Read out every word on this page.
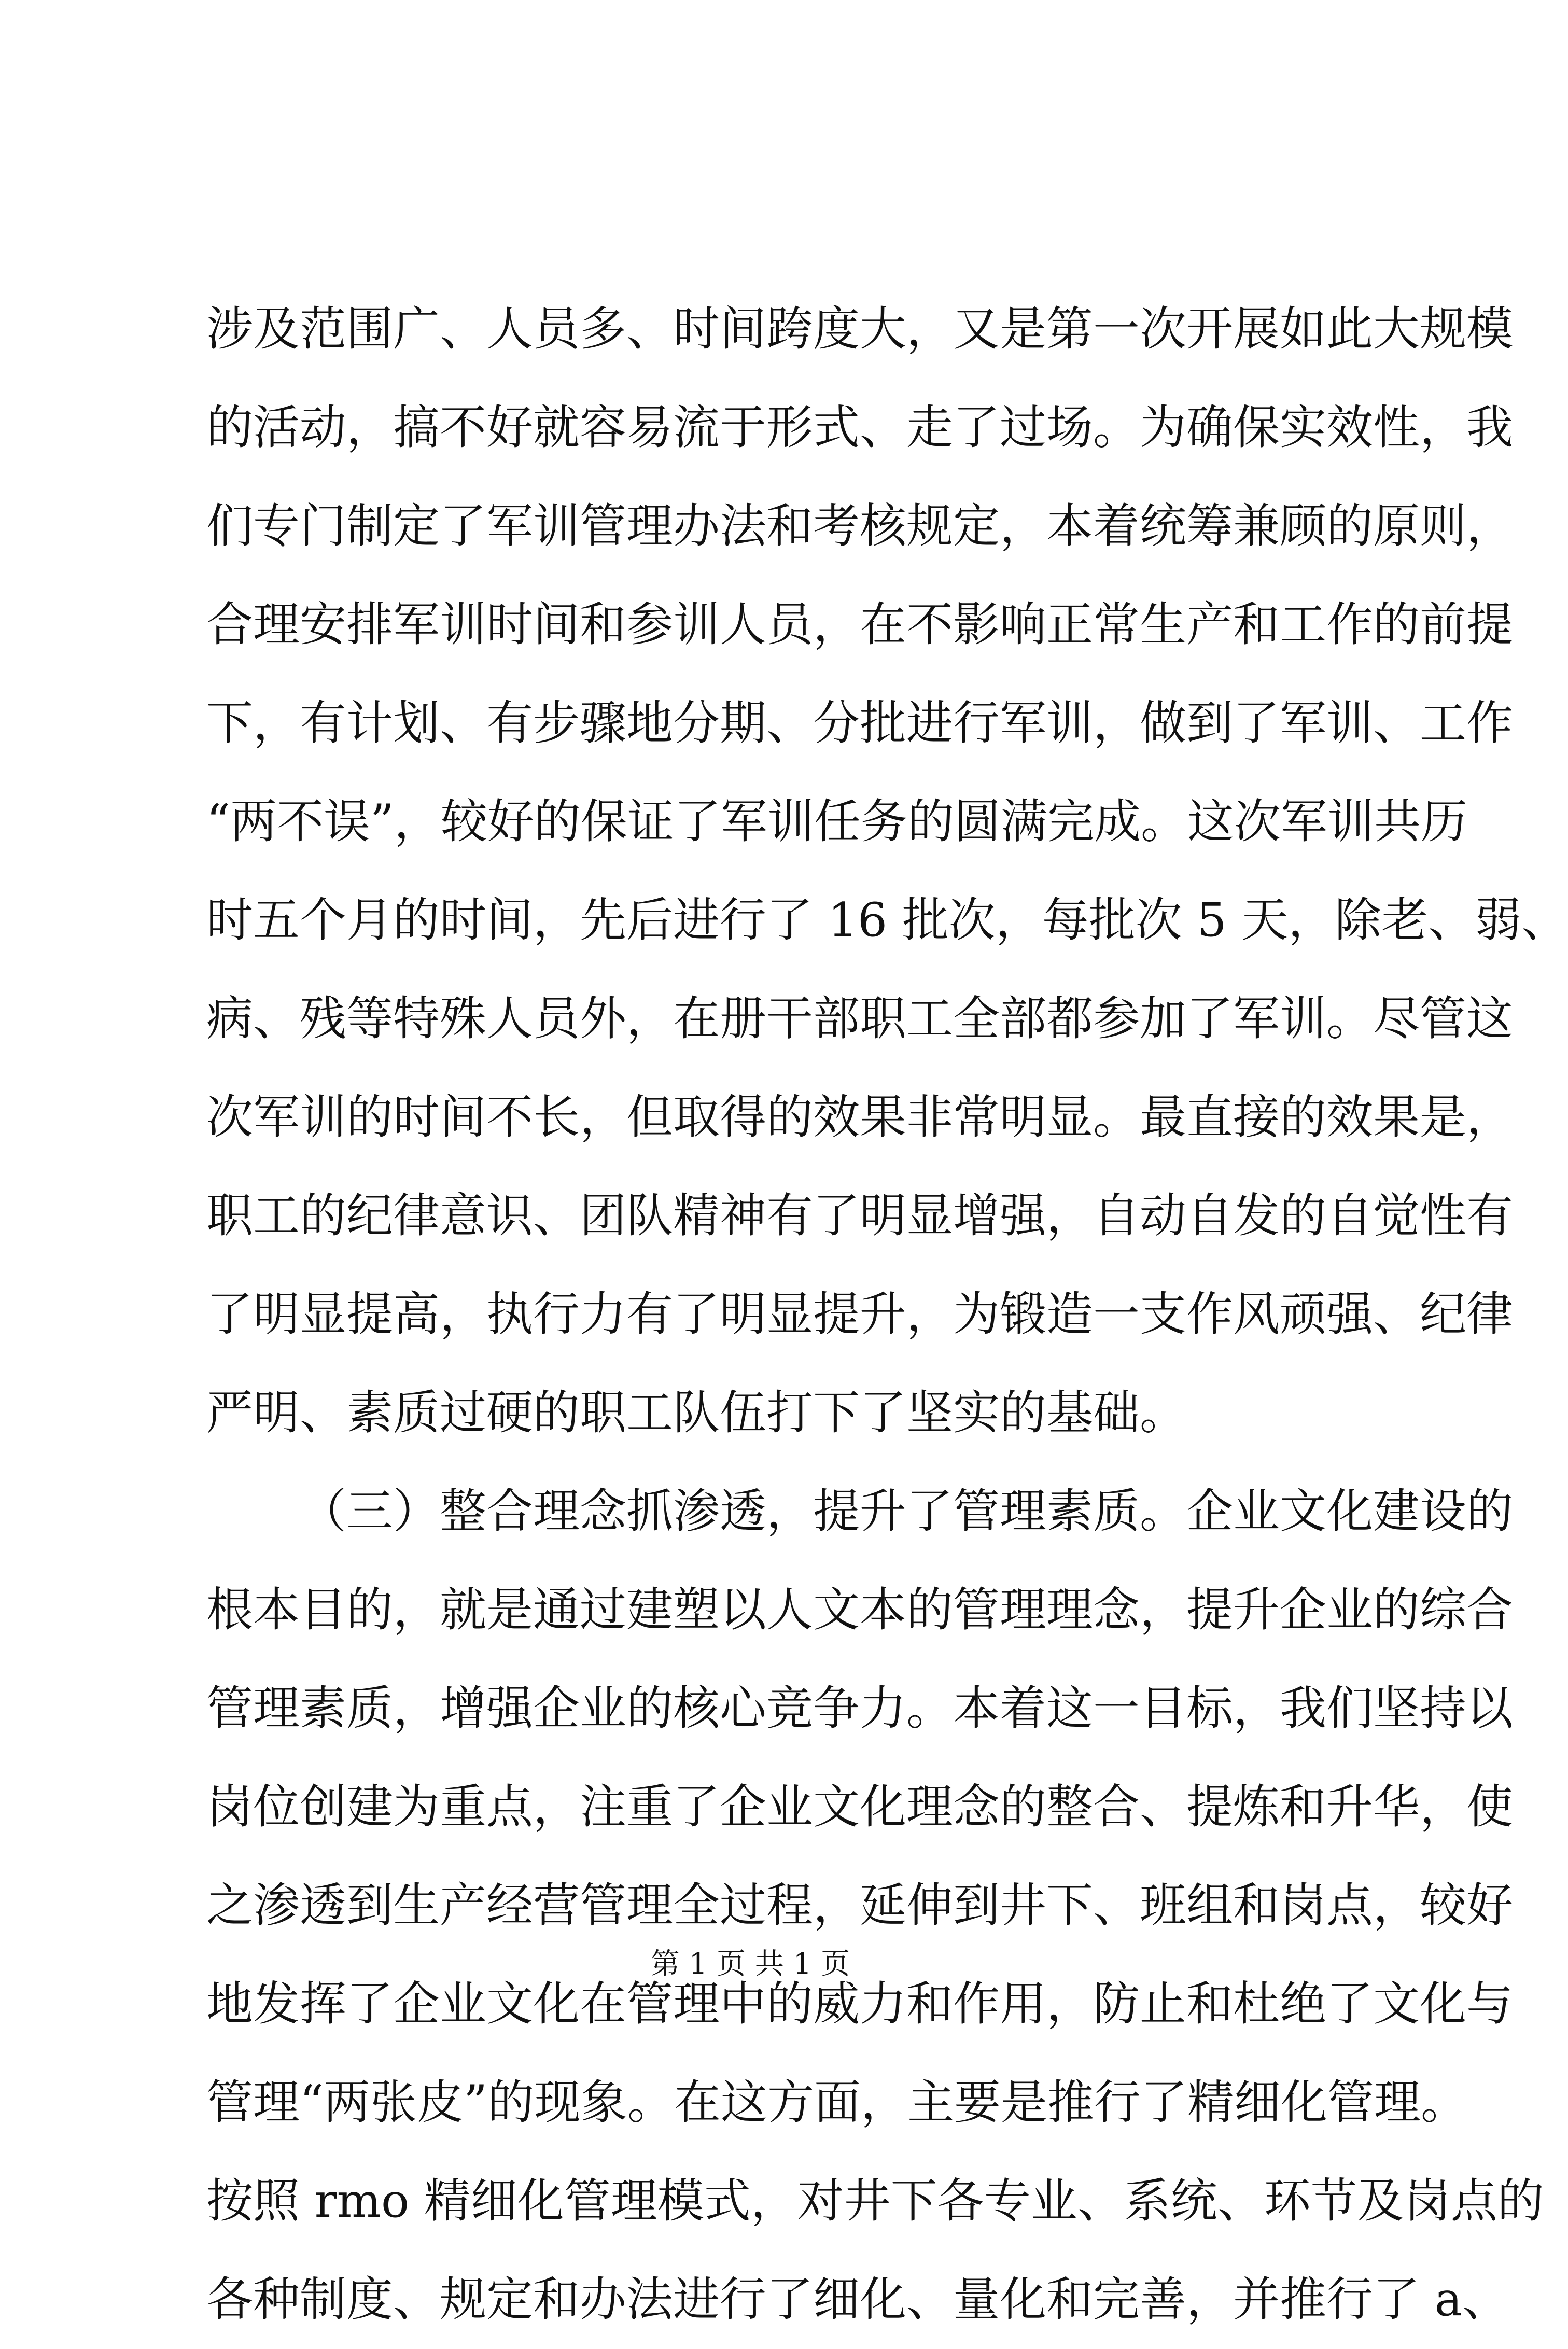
涉及范围广、人员多、时间跨度大，又是第一次开展如此大规模
的活动，搞不好就容易流于形式、走了过场。为确保实效性，我
们专门制定了军训管理办法和考核规定，本着统筹兼顾的原则，
合理安排军训时间和参训人员，在不影响正常生产和工作的前提
下，有计划、有步骤地分期、分批进行军训，做到了军训、工作
“两不误”，较好的保证了军训任务的圆满完成。这次军训共历
时五个月的时间，先后进行了 16 批次，每批次 5 天，除老、弱、
病、残等特殊人员外，在册干部职工全部都参加了军训。尽管这
次军训的时间不长，但取得的效果非常明显。最直接的效果是，
职工的纪律意识、团队精神有了明显增强，自动自发的自觉性有
了明显提高，执行力有了明显提升，为锻造一支作风顽强、纪律
严明、素质过硬的职工队伍打下了坚实的基础。
（三）整合理念抓渗透，提升了管理素质。企业文化建设的
根本目的，就是通过建塑以人文本的管理理念，提升企业的综合
管理素质，增强企业的核心竞争力。本着这一目标，我们坚持以
岗位创建为重点，注重了企业文化理念的整合、提炼和升华，使
之渗透到生产经营管理全过程，延伸到井下、班组和岗点，较好
地发挥了企业文化在管理中的威力和作用，防止和杜绝了文化与
管理“两张皮”的现象。在这方面，主要是推行了精细化管理。
按照 rmo 精细化管理模式，对井下各专业、系统、环节及岗点的
各种制度、规定和办法进行了细化、量化和完善，并推行了 a、
第 1 页 共 1 页
